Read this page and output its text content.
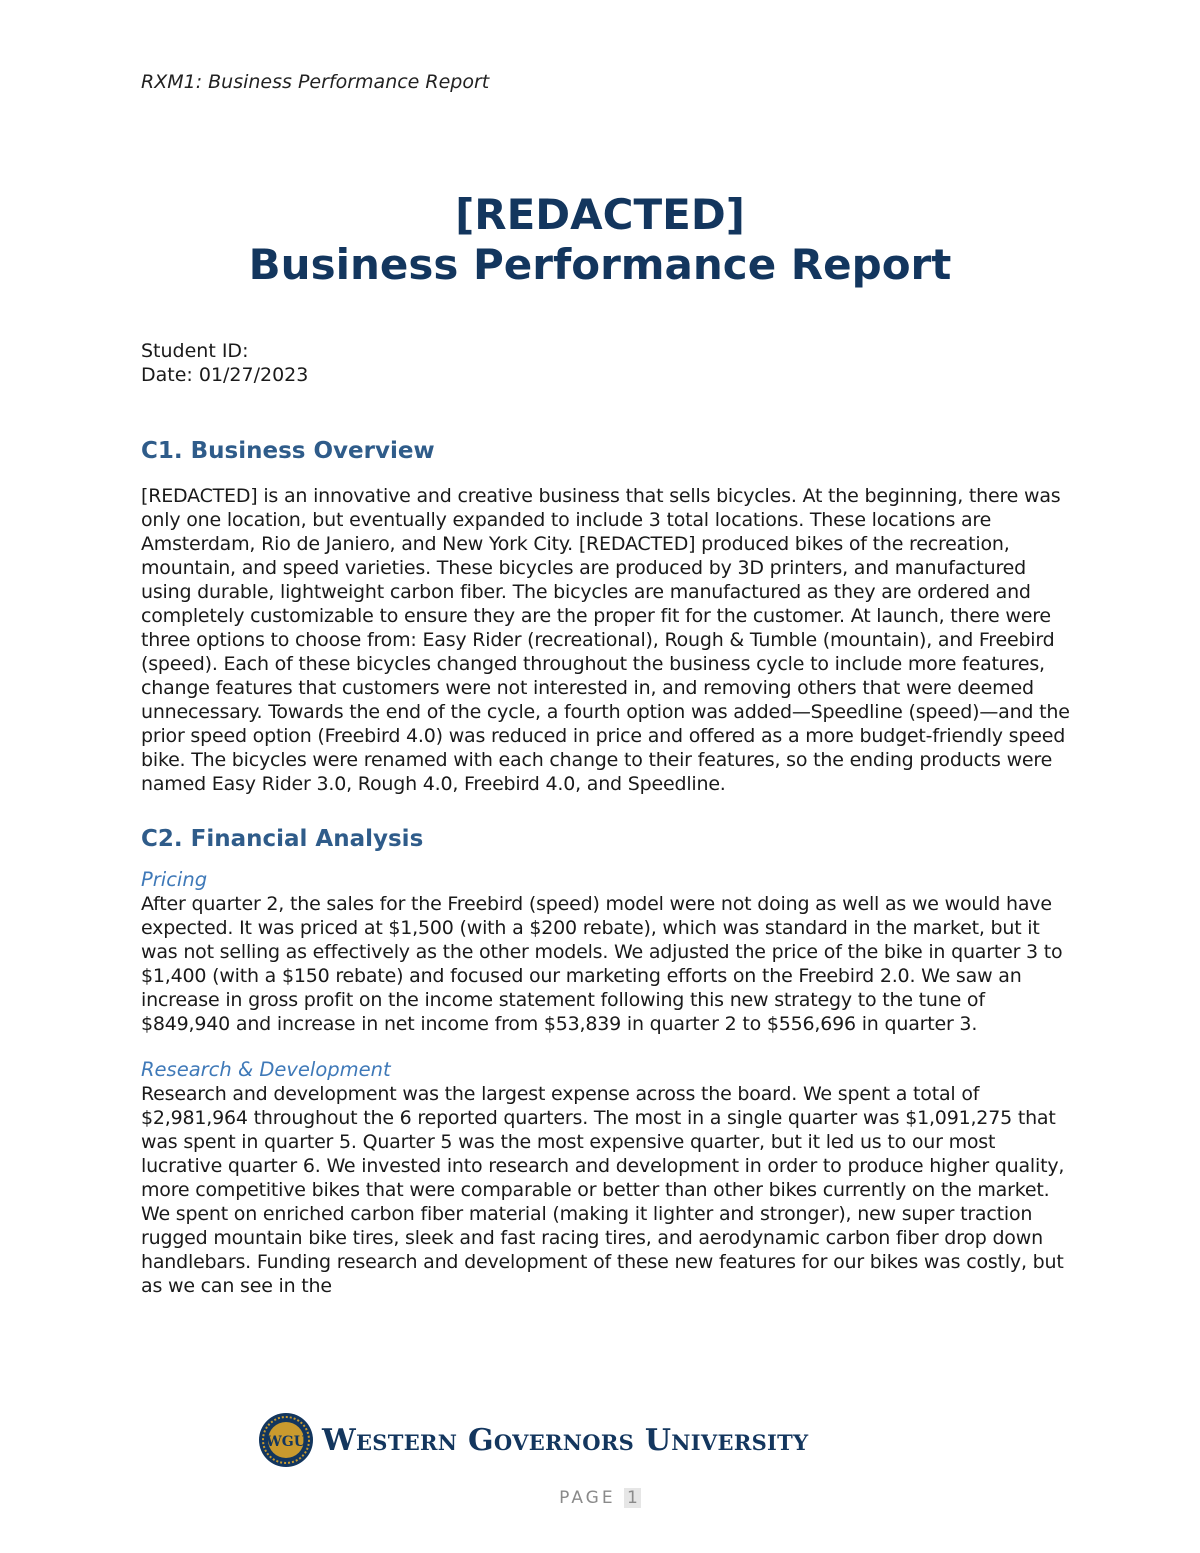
RXM1: Business Performance Report
[REDACTED]
Business Performance Report
Student ID:
Date: 01/27/2023
C1. Business Overview

[REDACTED] is an innovative and creative business that sells bicycles. At the beginning, there was only one location, but eventually expanded to include 3 total locations. These locations are Amsterdam, Rio de Janiero, and New York City. [REDACTED] produced bikes of the recreation, mountain, and speed varieties. These bicycles are produced by 3D printers, and manufactured using durable, lightweight carbon fiber. The bicycles are manufactured as they are ordered and completely customizable to ensure they are the proper fit for the customer. At launch, there were three options to choose from: Easy Rider (recreational), Rough & Tumble (mountain), and Freebird (speed). Each of these bicycles changed throughout the business cycle to include more features, change features that customers were not interested in, and removing others that were deemed unnecessary. Towards the end of the cycle, a fourth option was added—Speedline (speed)—and the prior speed option (Freebird 4.0) was reduced in price and offered as a more budget-friendly speed bike. The bicycles were renamed with each change to their features, so the ending products were named Easy Rider 3.0, Rough 4.0, Freebird 4.0, and Speedline.

C2. Financial Analysis

Pricing

After quarter 2, the sales for the Freebird (speed) model were not doing as well as we would have expected. It was priced at $1,500 (with a $200 rebate), which was standard in the market, but it was not selling as effectively as the other models. We adjusted the price of the bike in quarter 3 to $1,400 (with a $150 rebate) and focused our marketing efforts on the Freebird 2.0. We saw an increase in gross profit on the income statement following this new strategy to the tune of $849,940 and increase in net income from $53,839 in quarter 2 to $556,696 in quarter 3.

Research & Development

Research and development was the largest expense across the board. We spent a total of $2,981,964 throughout the 6 reported quarters. The most in a single quarter was $1,091,275 that was spent in quarter 5. Quarter 5 was the most expensive quarter, but it led us to our most lucrative quarter 6. We invested into research and development in order to produce higher quality, more competitive bikes that were comparable or better than other bikes currently on the market. We spent on enriched carbon fiber material (making it lighter and stronger), new super traction rugged mountain bike tires, sleek and fast racing tires, and aerodynamic carbon fiber drop down handlebars. Funding research and development of these new features for our bikes was costly, but as we can see in the

WGU Western Governors University
PAGE 1
